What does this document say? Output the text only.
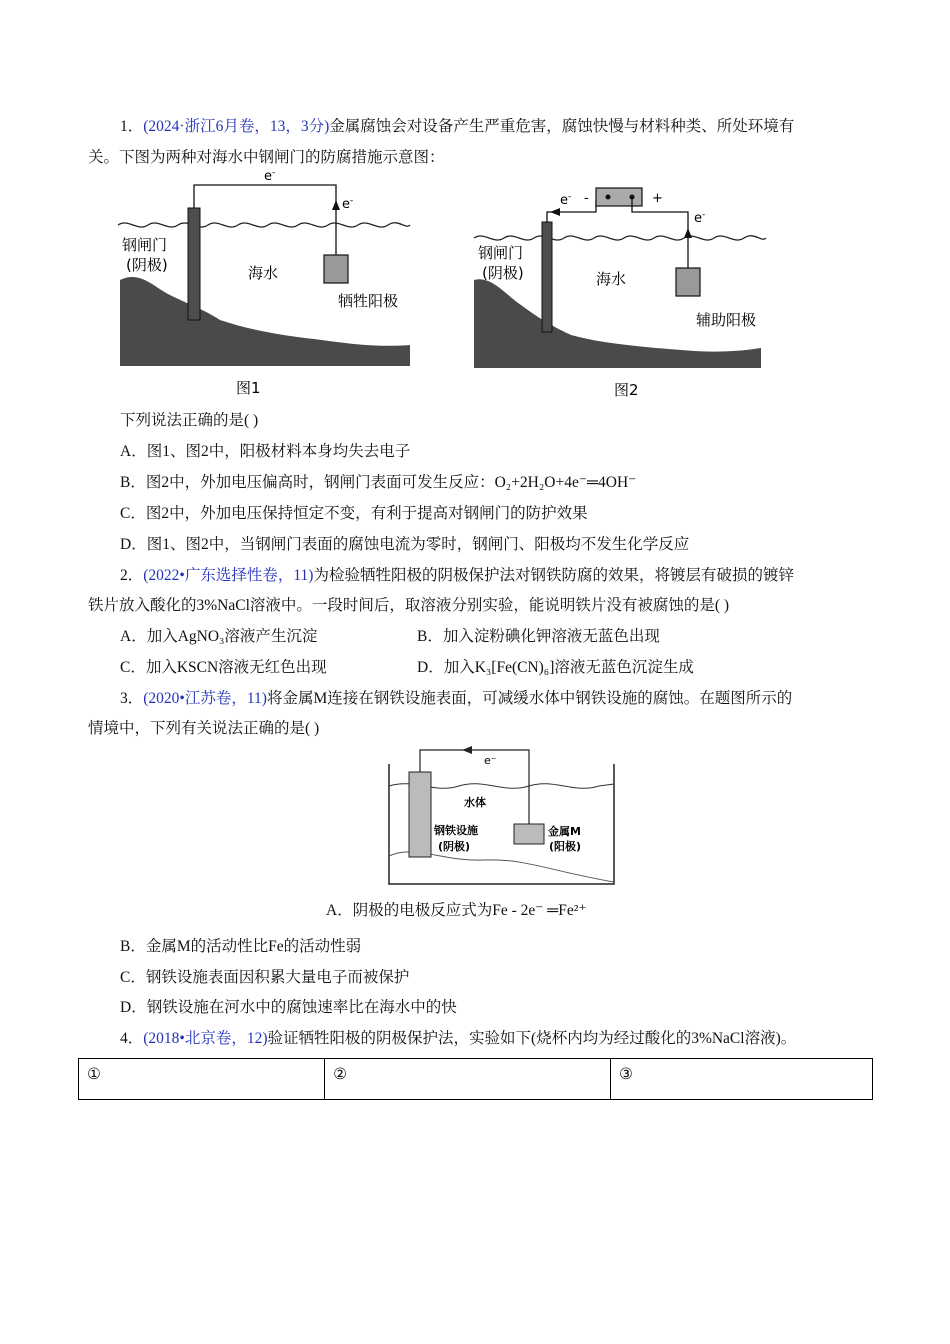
1．(2024·浙江6月卷，13，3分)金属腐蚀会对设备产生严重危害，腐蚀快慢与材料种类、所处环境有
关。下图为两种对海水中钢闸门的防腐措施示意图：
e-
e-
钢闸门
(阴极)	海水
牺牲阳极
图1
e- -	+
e-
钢闸门
(阴极)	海水
辅助阳极
图2
下列说法正确的是( )
A．图1、图2中，阳极材料本身均失去电子
B．图2中，外加电压偏高时，钢闸门表面可发生反应：O₂+2H₂O+4e⁻═4OH⁻
C．图2中，外加电压保持恒定不变，有利于提高对钢闸门的防护效果
D．图1、图2中，当钢闸门表面的腐蚀电流为零时，钢闸门、阳极均不发生化学反应
2．(2022•广东选择性卷，11)为检验牺牲阳极的阴极保护法对钢铁防腐的效果，将镀层有破损的镀锌
铁片放入酸化的3%NaCl溶液中。一段时间后，取溶液分别实验，能说明铁片没有被腐蚀的是( )
A．加入AgNO₃溶液产生沉淀	B．加入淀粉碘化钾溶液无蓝色出现
C．加入KSCN溶液无红色出现	D．加入K₃[Fe(CN)₆]溶液无蓝色沉淀生成
3．(2020•江苏卷，11)将金属M连接在钢铁设施表面，可减缓水体中钢铁设施的腐蚀。在题图所示的
情境中，下列有关说法正确的是( )
e⁻
水体
钢铁设施
(阴极)
金属M
(阳极)
A．阴极的电极反应式为Fe - 2e⁻ ═Fe²⁺
B．金属M的活动性比Fe的活动性弱
C．钢铁设施表面因积累大量电子而被保护
D．钢铁设施在河水中的腐蚀速率比在海水中的快
4．(2018•北京卷，12)验证牺牲阳极的阴极保护法，实验如下(烧杯内均为经过酸化的3%NaCl溶液)。
①	②	③
